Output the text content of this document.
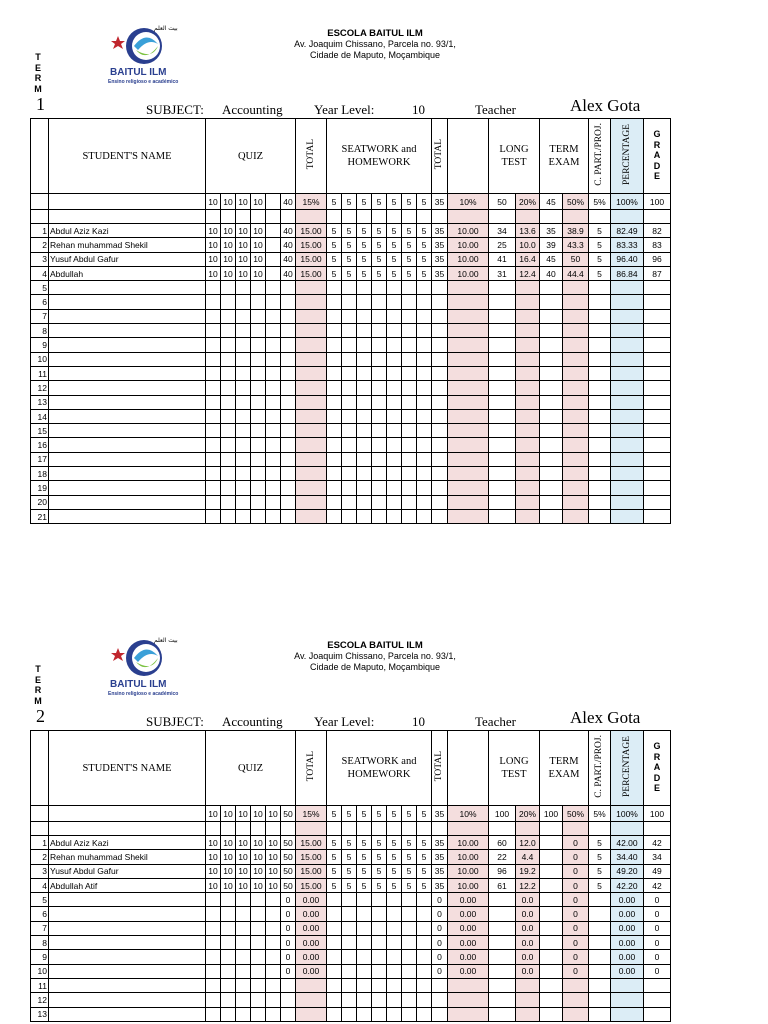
T
E
R
M
1
بيت العلم
BAITUL ILM
Ensino religioso e académico
ESCOLA BAITUL ILM
Av. Joaquim Chissano, Parcela no. 93/1,
Cidade de Maputo, Moçambique
SUBJECT: Accounting Year Level:	10	Teacher	Alex Gota
	STUDENT'S NAME	QUIZ						TOTAL	SEATWORK and HOMEWORK							TOTAL		LONG TEST		TERM EXAM		C. PART./PROJ.	PERCENTAGE	G
R
A
D
E

		10	10	10	10		40	15%	5	5	5	5	5	5	5	35	10%	50	20%	45	50%	5%	100%	100

1	Abdul Aziz Kazi	10	10	10	10		40	15.00	5	5	5	5	5	5	5	35	10.00	34	13.6	35	38.9	5	82.49	82
2	Rehan muhammad Shekil	10	10	10	10		40	15.00	5	5	5	5	5	5	5	35	10.00	25	10.0	39	43.3	5	83.33	83
3	Yusuf Abdul Gafur	10	10	10	10		40	15.00	5	5	5	5	5	5	5	35	10.00	41	16.4	45	50	5	96.40	96
4	Abdullah	10	10	10	10		40	15.00	5	5	5	5	5	5	5	35	10.00	31	12.4	40	44.4	5	86.84	87
5																								
6																								
7																								
8																								
9																								
10																								
11																								
12																								
13																								
14																								
15																								
16																								
17																								
18																								
19																								
20																								
21																								
T
E
R
M
2
بيت العلم
BAITUL ILM
Ensino religioso e académico
ESCOLA BAITUL ILM
Av. Joaquim Chissano, Parcela no. 93/1,
Cidade de Maputo, Moçambique
SUBJECT: Accounting Year Level:	10	Teacher	Alex Gota
	STUDENT'S NAME	QUIZ						TOTAL	SEATWORK and HOMEWORK							TOTAL		LONG TEST		TERM EXAM		C. PART./PROJ.	PERCENTAGE	G
R
A
D
E

		10	10	10	10	10	50	15%	5	5	5	5	5	5	5	35	10%	100	20%	100	50%	5%	100%	100

1	Abdul Aziz Kazi	10	10	10	10	10	50	15.00	5	5	5	5	5	5	5	35	10.00	60	12.0		0	5	42.00	42
2	Rehan muhammad Shekil	10	10	10	10	10	50	15.00	5	5	5	5	5	5	5	35	10.00	22	4.4		0	5	34.40	34
3	Yusuf Abdul Gafur	10	10	10	10	10	50	15.00	5	5	5	5	5	5	5	35	10.00	96	19.2		0	5	49.20	49
4	Abdullah Atif	10	10	10	10	10	50	15.00	5	5	5	5	5	5	5	35	10.00	61	12.2		0	5	42.20	42
5							0	0.00								0	0.00		0.0		0		0.00	0
6							0	0.00								0	0.00		0.0		0		0.00	0
7							0	0.00								0	0.00		0.0		0		0.00	0
8							0	0.00								0	0.00		0.0		0		0.00	0
9							0	0.00								0	0.00		0.0		0		0.00	0
10							0	0.00								0	0.00		0.0		0		0.00	0
11																								
12																								
13																								
